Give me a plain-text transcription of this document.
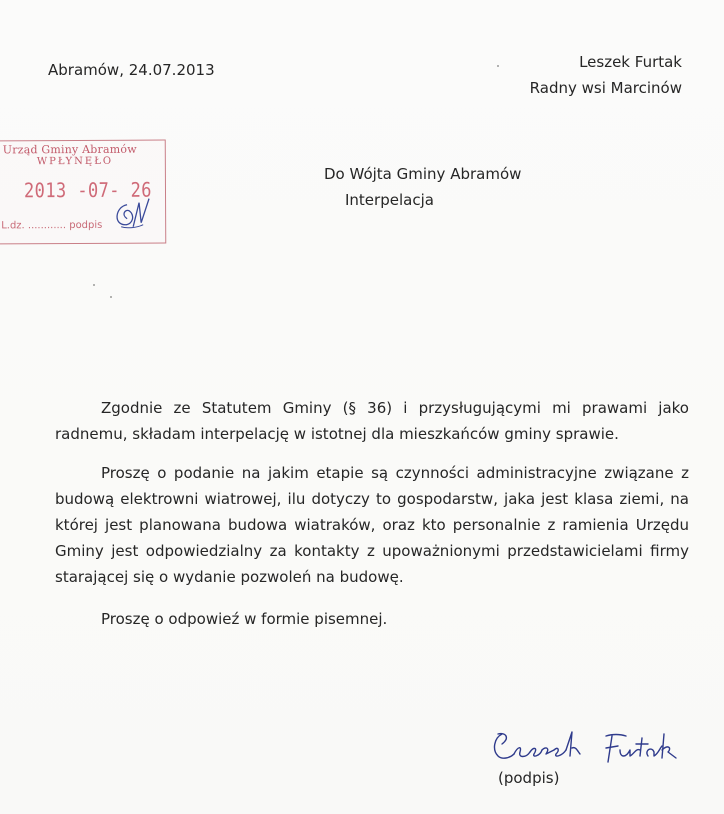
Abramów, 24.07.2013	Leszek Furtak
Radny wsi Marcinów
Urząd Gminy Abramów
WPŁYNĘŁO
2013 -07- 26
L.dz. ............ podpis
Do Wójta Gminy Abramów
Interpelacja
Zgodnie ze Statutem Gminy (§ 36) i przysługującymi mi prawami jako radnemu, składam interpelację w istotnej dla mieszkańców gminy sprawie.
Proszę o podanie na jakim etapie są czynności administracyjne związane z budową elektrowni wiatrowej, ilu dotyczy to gospodarstw, jaka jest klasa ziemi, na której jest planowana budowa wiatraków, oraz kto personalnie z ramienia Urzędu Gminy jest odpowiedzialny za kontakty z upoważnionymi przedstawicielami firmy starającej się o wydanie pozwoleń na budowę.
Proszę o odpowieź w formie pisemnej.
(podpis)
